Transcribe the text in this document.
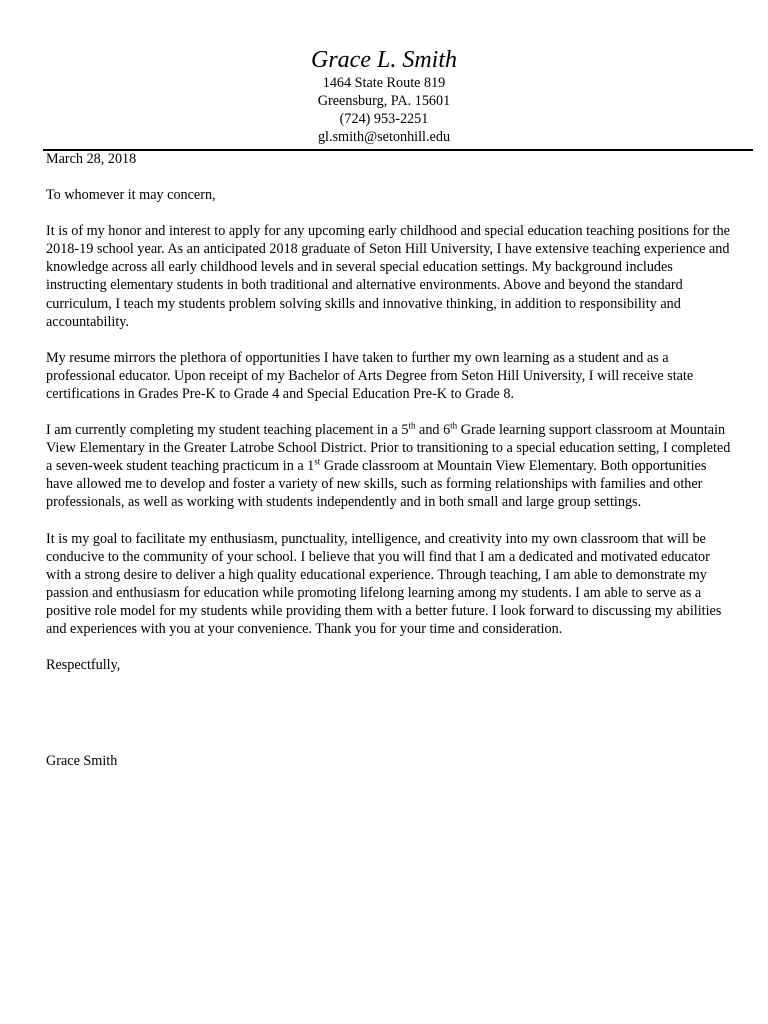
Grace L. Smith
1464 State Route 819
Greensburg, PA. 15601
(724) 953-2251
gl.smith@setonhill.edu

March 28, 2018

To whomever it may concern,

It is of my honor and interest to apply for any upcoming early childhood and special education teaching positions for the 2018-19 school year. As an anticipated 2018 graduate of Seton Hill University, I have extensive teaching experience and knowledge across all early childhood levels and in several special education settings. My background includes instructing elementary students in both traditional and alternative environments. Above and beyond the standard curriculum, I teach my students problem solving skills and innovative thinking, in addition to responsibility and accountability.

My resume mirrors the plethora of opportunities I have taken to further my own learning as a student and as a professional educator. Upon receipt of my Bachelor of Arts Degree from Seton Hill University, I will receive state certifications in Grades Pre-K to Grade 4 and Special Education Pre-K to Grade 8.

I am currently completing my student teaching placement in a 5th and 6th Grade learning support classroom at Mountain View Elementary in the Greater Latrobe School District. Prior to transitioning to a special education setting, I completed a seven-week student teaching practicum in a 1st Grade classroom at Mountain View Elementary. Both opportunities have allowed me to develop and foster a variety of new skills, such as forming relationships with families and other professionals, as well as working with students independently and in both small and large group settings.

It is my goal to facilitate my enthusiasm, punctuality, intelligence, and creativity into my own classroom that will be conducive to the community of your school. I believe that you will find that I am a dedicated and motivated educator with a strong desire to deliver a high quality educational experience. Through teaching, I am able to demonstrate my passion and enthusiasm for education while promoting lifelong learning among my students. I am able to serve as a positive role model for my students while providing them with a better future. I look forward to discussing my abilities and experiences with you at your convenience. Thank you for your time and consideration.

Respectfully,

Grace Smith
